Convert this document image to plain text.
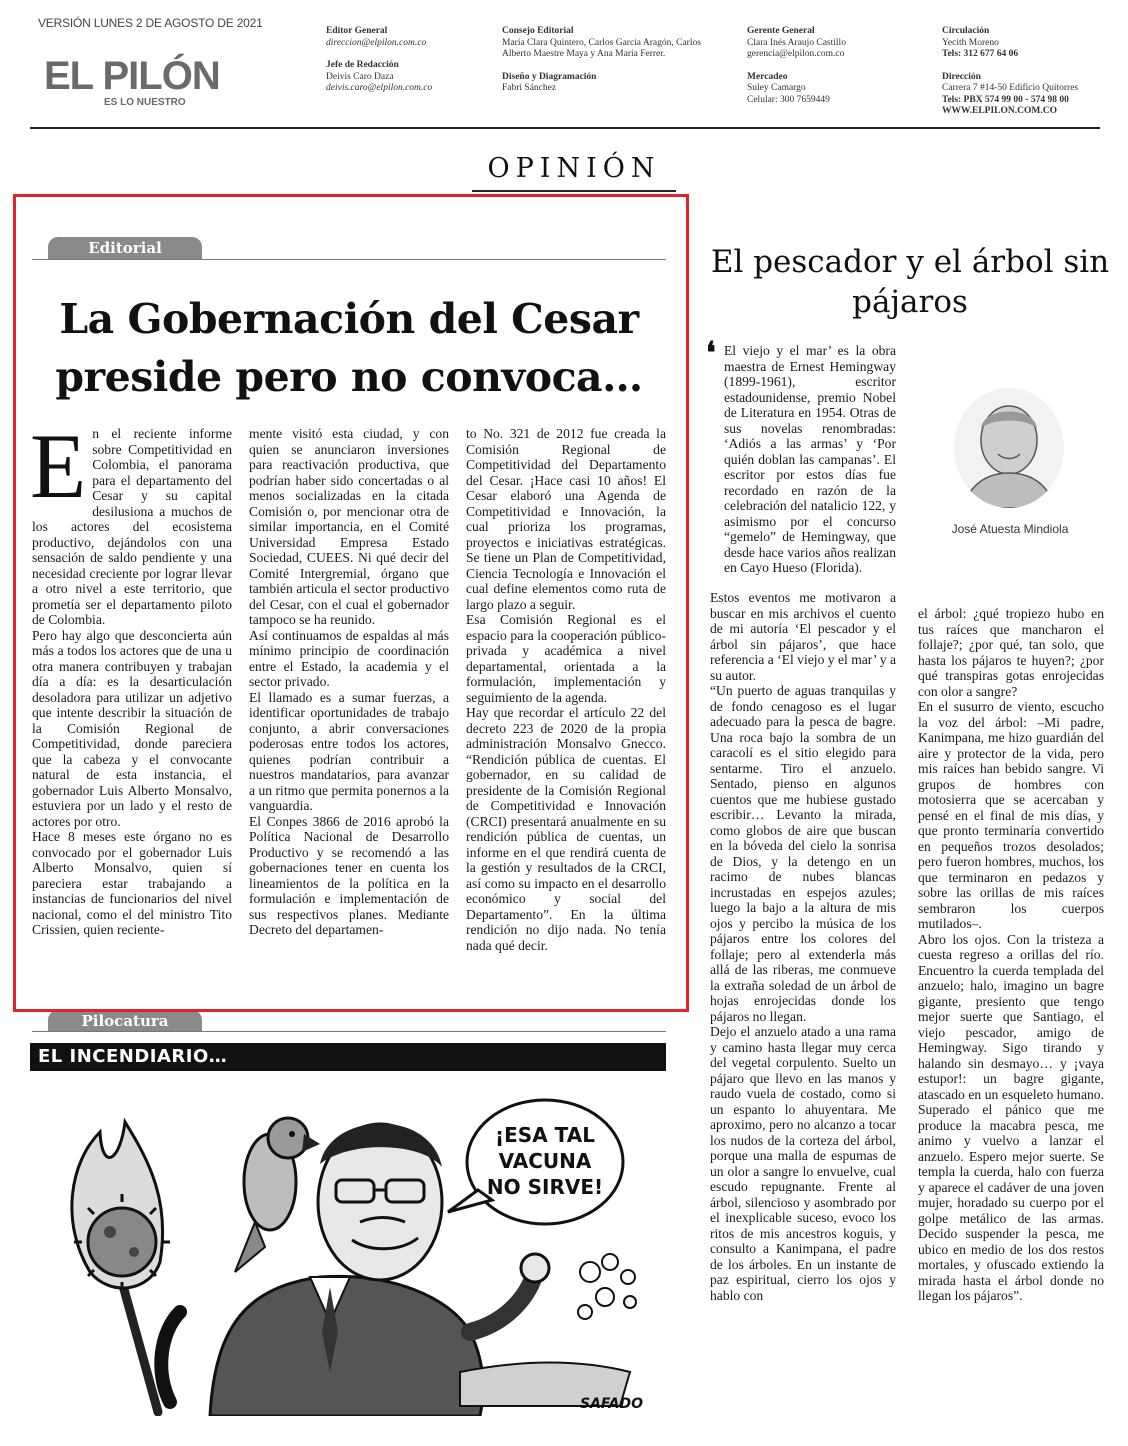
VERSIÓN LUNES 2 DE AGOSTO DE 2021
EL PILÓN
ES LO NUESTRO
Editor General
direccion@elpilon.com.co
Jefe de Redacción
Deivis Caro Daza
deivis.caro@elpilon.com.co
Consejo Editorial
María Clara Quintero, Carlos García Aragón, Carlos Alberto Maestre Maya y Ana María Ferrer.
Diseño y Diagramación
Fabri Sánchez
Gerente General
Clara Inés Araujo Castillo
gerencia@elpilon.com.co
Mercadeo
Suley Camargo
Celular: 300 7659449
Circulación
Yecith Moreno
Tels: 312 677 64 06
Dirección
Carrera 7 #14-50 Edificio Quitorres
Tels: PBX 574 99 00 - 574 98 00
WWW.ELPILON.COM.CO
OPINIÓN
Editorial
La Gobernación del Cesar preside pero no convoca…

En el reciente informe sobre Competitividad en Colombia, el panorama para el departamento del Cesar y su capital desilusiona a muchos de los actores del ecosistema productivo, dejándolos con una sensación de saldo pendiente y una necesidad creciente por lograr llevar a otro nivel a este territorio, que prometía ser el departamento piloto de Colombia.

Pero hay algo que desconcierta aún más a todos los actores que de una u otra manera contribuyen y trabajan día a día: es la desarticulación desoladora para utilizar un adjetivo que intente describir la situación de la Comisión Regional de Competitividad, donde pareciera que la cabeza y el convocante natural de esta instancia, el gobernador Luis Alberto Monsalvo, estuviera por un lado y el resto de actores por otro.

Hace 8 meses este órgano no es convocado por el gobernador Luis Alberto Monsalvo, quien sí pareciera estar trabajando a instancias de funcionarios del nivel nacional, como el del ministro Tito Crissien, quien reciente-

mente visitó esta ciudad, y con quien se anunciaron inversiones para reactivación productiva, que podrían haber sido concertadas o al menos socializadas en la citada Comisión o, por mencionar otra de similar importancia, en el Comité Universidad Empresa Estado Sociedad, CUEES. Ni qué decir del Comité Intergremial, órgano que también articula el sector productivo del Cesar, con el cual el gobernador tampoco se ha reunido.

Así continuamos de espaldas al más mínimo principio de coordinación entre el Estado, la academia y el sector privado.

El llamado es a sumar fuerzas, a identificar oportunidades de trabajo conjunto, a abrir conversaciones poderosas entre todos los actores, quienes podrían contribuir a nuestros mandatarios, para avanzar a un ritmo que permita ponernos a la vanguardia.

El Conpes 3866 de 2016 aprobó la Política Nacional de Desarrollo Productivo y se recomendó a las gobernaciones tener en cuenta los lineamientos de la política en la formulación e implementación de sus respectivos planes. Mediante Decreto del departamen-

to No. 321 de 2012 fue creada la Comisión Regional de Competitividad del Departamento del Cesar. ¡Hace casi 10 años! El Cesar elaboró una Agenda de Competitividad e Innovación, la cual prioriza los programas, proyectos e iniciativas estratégicas. Se tiene un Plan de Competitividad, Ciencia Tecnología e Innovación el cual define elementos como ruta de largo plazo a seguir.

Esa Comisión Regional es el espacio para la cooperación público-privada y académica a nivel departamental, orientada a la formulación, implementación y seguimiento de la agenda.

Hay que recordar el artículo 22 del decreto 223 de 2020 de la propia administración Monsalvo Gnecco. “Rendición pública de cuentas. El gobernador, en su calidad de presidente de la Comisión Regional de Competitividad e Innovación (CRCI) presentará anualmente en su rendición pública de cuentas, un informe en el que rendirá cuenta de la gestión y resultados de la CRCI, así como su impacto en el desarrollo económico y social del Departamento”. En la última rendición no dijo nada. No tenía nada qué decir.

Pilocatura
EL INCENDIARIO…
¡ESA TAL
VACUNA
NO SIRVE!
SAFADO
El pescador y el árbol sin pájaros
❛ El viejo y el mar’ es la obra maestra de Ernest Hemingway (1899-1961), escritor estadounidense, premio Nobel de Literatura en 1954. Otras de sus novelas renombradas: ‘Adiós a las armas’ y ‘Por quién doblan las campanas’. El escritor por estos días fue recordado en razón de la celebración del natalicio 122, y asimismo por el concurso “gemelo” de Hemingway, que desde hace varios años realizan en Cayo Hueso (Florida).

José Atuesta Mindiola

Estos eventos me motivaron a buscar en mis archivos el cuento de mi autoría ‘El pescador y el árbol sin pájaros’, que hace referencia a ‘El viejo y el mar’ y a su autor.

“Un puerto de aguas tranquilas y de fondo cenagoso es el lugar adecuado para la pesca de bagre. Una roca bajo la sombra de un caracolí es el sitio elegido para sentarme. Tiro el anzuelo. Sentado, pienso en algunos cuentos que me hubiese gustado escribir… Levanto la mirada, como globos de aire que buscan en la bóveda del cielo la sonrisa de Dios, y la detengo en un racimo de nubes blancas incrustadas en espejos azules; luego la bajo a la altura de mis ojos y percibo la música de los pájaros entre los colores del follaje; pero al extenderla más allá de las riberas, me conmueve la extraña soledad de un árbol de hojas enrojecidas donde los pájaros no llegan.

Dejo el anzuelo atado a una rama y camino hasta llegar muy cerca del vegetal corpulento. Suelto un pájaro que llevo en las manos y raudo vuela de costado, como si un espanto lo ahuyentara. Me aproximo, pero no alcanzo a tocar los nudos de la corteza del árbol, porque una malla de espumas de un olor a sangre lo envuelve, cual escudo repugnante. Frente al árbol, silencioso y asombrado por el inexplicable suceso, evoco los ritos de mis ancestros koguis, y consulto a Kanimpana, el padre de los árboles. En un instante de paz espiritual, cierro los ojos y hablo con

el árbol: ¿qué tropiezo hubo en tus raíces que mancharon el follaje?; ¿por qué, tan solo, que hasta los pájaros te huyen?; ¿por qué transpiras gotas enrojecidas con olor a sangre?

En el susurro de viento, escucho la voz del árbol: –Mi padre, Kanimpana, me hizo guardián del aire y protector de la vida, pero mis raíces han bebido sangre. Vi grupos de hombres con motosierra que se acercaban y pensé en el final de mis días, y que pronto terminaría convertido en pequeños trozos desolados; pero fueron hombres, muchos, los que terminaron en pedazos y sobre las orillas de mis raíces sembraron los cuerpos mutilados–.

Abro los ojos. Con la tristeza a cuesta regreso a orillas del río. Encuentro la cuerda templada del anzuelo; halo, imagino un bagre gigante, presiento que tengo mejor suerte que Santiago, el viejo pescador, amigo de Hemingway. Sigo tirando y halando sin desmayo… y ¡vaya estupor!: un bagre gigante, atascado en un esqueleto humano. Superado el pánico que me produce la macabra pesca, me animo y vuelvo a lanzar el anzuelo. Espero mejor suerte. Se templa la cuerda, halo con fuerza y aparece el cadáver de una joven mujer, horadado su cuerpo por el golpe metálico de las armas. Decido suspender la pesca, me ubico en medio de los dos restos mortales, y ofuscado extiendo la mirada hasta el árbol donde no llegan los pájaros”.
